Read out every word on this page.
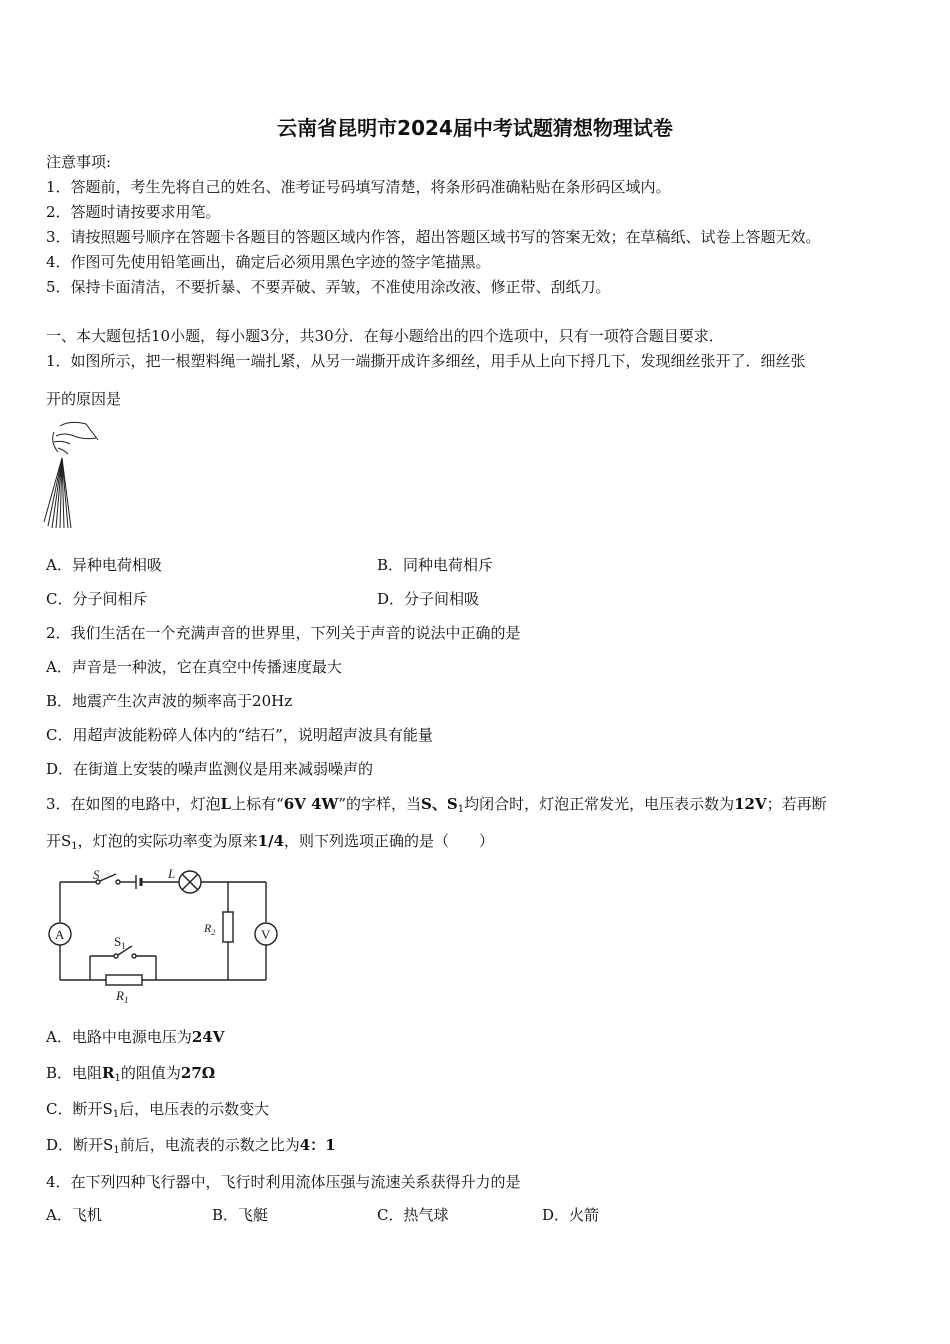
云南省昆明市2024届中考试题猜想物理试卷
注意事项:
1．答题前，考生先将自己的姓名、准考证号码填写清楚，将条形码准确粘贴在条形码区域内。
2．答题时请按要求用笔。
3．请按照题号顺序在答题卡各题目的答题区域内作答，超出答题区域书写的答案无效；在草稿纸、试卷上答题无效。
4．作图可先使用铅笔画出，确定后必须用黑色字迹的签字笔描黑。
5．保持卡面清洁，不要折暴、不要弄破、弄皱，不准使用涂改液、修正带、刮纸刀。
一、本大题包括10小题，每小题3分，共30分．在每小题给出的四个选项中，只有一项符合题目要求．
1．如图所示，把一根塑料绳一端扎紧，从另一端撕开成许多细丝，用手从上向下捋几下，发现细丝张开了．细丝张
开的原因是
A．异种电荷相吸	B．同种电荷相斥
C．分子间相斥	D．分子间相吸
2．我们生活在一个充满声音的世界里，下列关于声音的说法中正确的是
A．声音是一种波，它在真空中传播速度最大
B．地震产生次声波的频率高于20Hz
C．用超声波能粉碎人体内的“结石”，说明超声波具有能量
D．在街道上安装的噪声监测仪是用来减弱噪声的
3．在如图的电路中，灯泡L上标有“6V 4W”的字样，当S、$S_1$均闭合时，灯泡正常发光，电压表示数为12V；若再断
开$S_1$，灯泡的实际功率变为原来1/4，则下列选项正确的是（　　）
S	L
$S_1$
$R_1$
$R_2$
A	V
A．电路中电源电压为24V
B．电阻$R_1$的阻值为27Ω
C．断开$S_1$后，电压表的示数变大
D．断开$S_1$前后，电流表的示数之比为4：1
4．在下列四种飞行器中，飞行时利用流体压强与流速关系获得升力的是
A．飞机	B．飞艇	C．热气球	D．火箭
